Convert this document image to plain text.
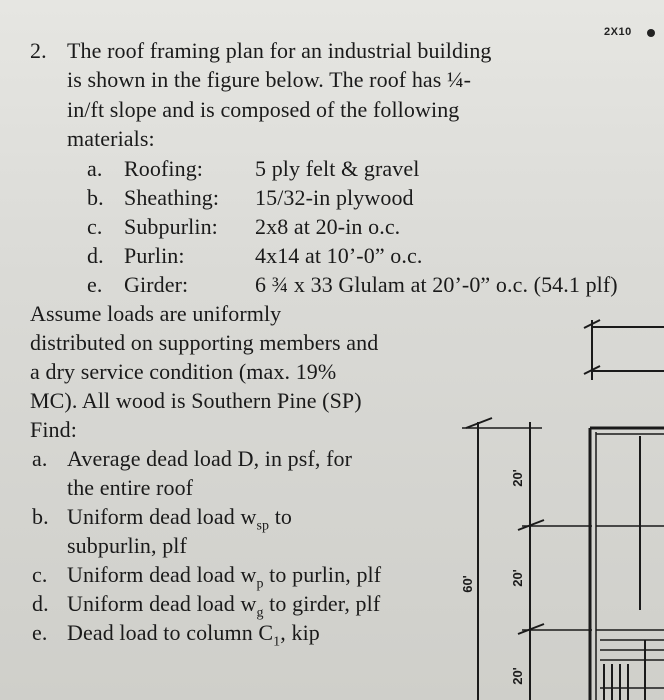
2X10
2. The roof framing plan for an industrial building
is shown in the figure below. The roof has ¼-
in/ft slope and is composed of the following
materials:
a. Roofing: 5 ply felt & gravel
b. Sheathing: 15/32-in plywood
c. Subpurlin: 2x8 at 20-in o.c.
d. Purlin:	4x14 at 10’-0” o.c.
e. Girder:	6 ¾ x 33 Glulam at 20’-0” o.c. (54.1 plf)
Assume loads are uniformly
distributed on supporting members and
a dry service condition (max. 19%
MC). All wood is Southern Pine (SP)
Find:
a. Average dead load D, in psf, for
the entire roof
b. Uniform dead load $w_{sp}$ to
subpurlin, plf
c. Uniform dead load $w_p$ to purlin, plf
d. Uniform dead load $w_g$ to girder, plf
e. Dead load to column $C_1$, kip
60'
20'
20'
20'
